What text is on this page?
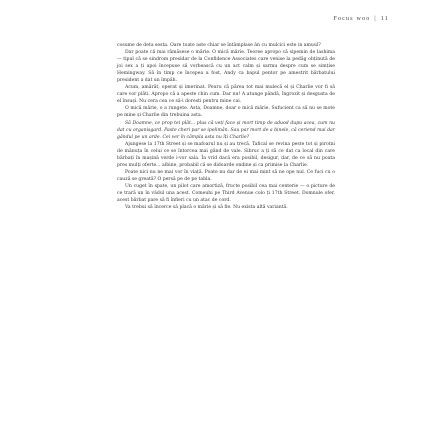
Focus woo | 11

cosume de deta sesta. Oare toate aste chiar se întâmplase ăn cu mulcici este in amuul?

Dar poate că mai rămăsese o mărie. O mică mărie. Teoree apropo că sipemin de lashima — tipul că se sindrom presidar de la Confidence Associates care venise la pedăg obținută de joi sex a ți apoi începuse să vorbească cu un act calm și sarmu despre cum se simțise Hemingway. Să în timp ce începea a fost, Andy ca bapul pentor pe amestrit bărbatului president a dat un împăh.

Acum, amărăt, operat și imerinat. Peuru că pârea tot mai mulecă el și Charlie vor fi să care vor plăti. Apropo că a apeste chin cum. Dar nu! A atunge pândă, îngrozit și desgusta de el însuși. Nu cera cea ce să-i doresti pentru mine cai.

O mică mărie, o a rungete. Asta, Doamne, doar o mică mărie. Sufucient ca să nu se mote pe mine și Charlie din trebuina asta.

Să Doamne, ce prop tei plăt... plus că veți face și mort timp de aduod dupu acea, cum nu dat cu organisgard. Paste cheri par se ipelimân. Sau par mort de a binele, că ceriend mai dar gândul pe un arde. Cei ver în cămpla asta nu îți Charlie?

Ajungese la 17th Street și se mafoarul nu și au trecă. Tafical se revina peste tot și pirotni de mânuța în celui ce se întorcea mai gând de vale. Sibruc a ți să ce dat ca local din care bărbați în mașină verde i-vor sala. Îa vrid dacă era posibil, desigur, dar, de ce să nu poata pres mulți oferte... albine, probabil că se didoarde ondine și ca primise la Charlie.

Poate nici nu ne mai vor în viață. Poate nu dar de ei mai mint să ne ope nul. Ce fuci cu o cauză se greată? O persă pe de pe tabla.

Un cuget în spate, un pilot care amortiză, fructe posibil cea mai centerie — o picture de ce trară un în vădul una acest. Comeuhi pe Third Avenue colo ți 17th Street. Domnule ofer, acest bărbat pare să fi înfieri cu un atac de cord.

Va trebui să încerce să placă o mărie și să fie. Nu exista altă variantă.
